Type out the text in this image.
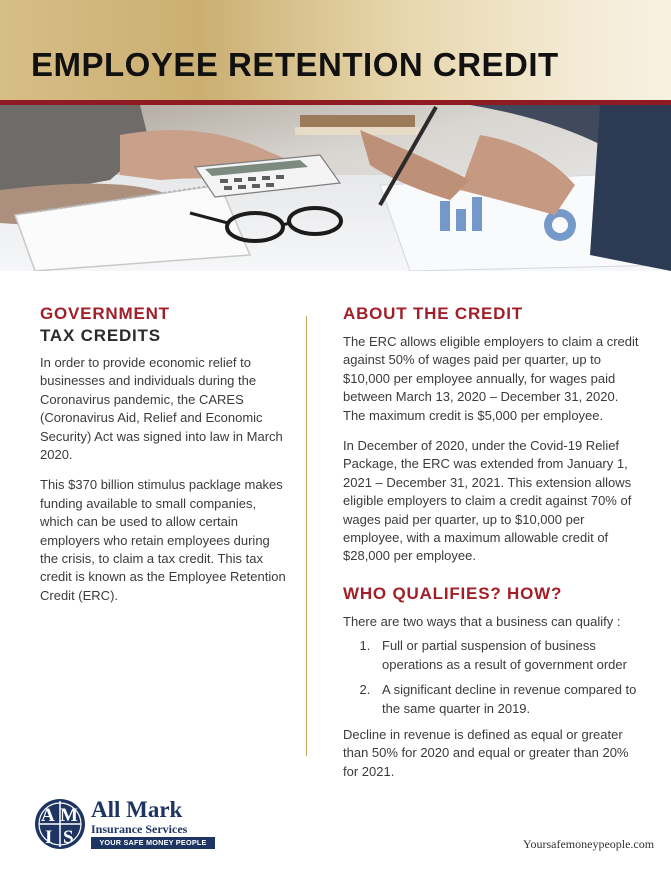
EMPLOYEE RETENTION CREDIT
GOVERNMENT
TAX CREDITS

In order to provide economic relief to businesses and individuals during the Coronavirus pandemic, the CARES (Coronavirus Aid, Relief and Economic Security) Act was signed into law in March 2020.

This $370 billion stimulus packlage makes funding available to small companies, which can be used to allow certain employers who retain employees during the crisis, to claim a tax credit. This tax credit is known as the Employee Retention Credit (ERC).

ABOUT THE CREDIT

The ERC allows eligible employers to claim a credit against 50% of wages paid per quarter, up to $10,000 per employee annually, for wages paid between March 13, 2020 – December 31, 2020. The maximum credit is $5,000 per employee.

In December of 2020, under the Covid-19 Relief Package, the ERC was extended from January 1, 2021 – December 31, 2021. This extension allows eligible employers to claim a credit against 70% of wages paid per quarter, up to $10,000 per employee, with a maximum allowable credit of $28,000 per employee.

WHO QUALIFIES? HOW?

There are two ways that a business can qualify :

1. Full or partial suspension of business operations as a result of government order
2. A significant decline in revenue compared to the same quarter in 2019.

Decline in revenue is defined as equal or greater than 50% for 2020 and equal or greater than 20% for 2021.

A M
I S
All Mark
Insurance Services
YOUR SAFE MONEY PEOPLE	Yoursafemoneypeople.com
